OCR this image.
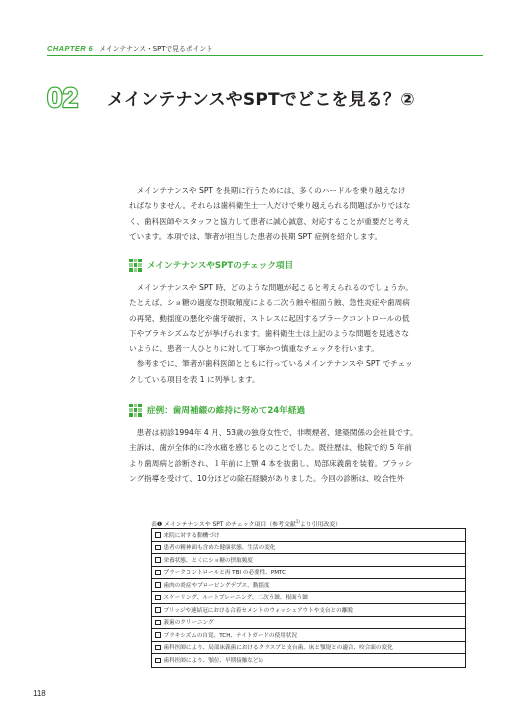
CHAPTER 6 メインテナンス・SPTで見るポイント
02 メインテナンスやSPTでどこを見る？②
メインテナンスや SPT を長期に行うためには、多くのハードルを乗り越えなけ
ればなりません。それらは歯科衛生士一人だけで乗り越えられる問題ばかりではな
く、歯科医師やスタッフと協力して患者に誠心誠意、対応することが重要だと考え
ています。本項では、筆者が担当した患者の長期 SPT 症例を紹介します。
メインテナンスやSPTのチェック項目
メインテナンスや SPT 時、どのような問題が起こると考えられるのでしょうか。
たとえば、ショ糖の過度な摂取頻度による二次う蝕や根面う蝕、急性炎症や歯周病
の再発、動揺度の悪化や歯牙破折、ストレスに起因するプラークコントロールの低
下やブラキシズムなどが挙げられます。歯科衛生士は上記のような問題を見逃さな
いように、患者一人ひとりに対して丁寧かつ慎重なチェックを行います。
参考までに、筆者が歯科医師とともに行っているメインテナンスや SPT でチェッ
クしている項目を表 1 に列挙します。
症例：歯周補綴の維持に努めて24年経過
患者は初診1994年 4 月、53歳の独身女性で、非喫煙者、建築関係の会社員です。
主訴は、歯が全体的に冷水痛を感じるとのことでした。既往歴は、他院で約 5 年前
より歯周病と診断され、１年前に上顎 4 本を抜歯し、局部床義歯を装着。ブラッシ
ング指導を受けて、10分ほどの除石経験がありました。今回の診断は、咬合性外
表❶ メインテナンスや SPT のチェック項目（参考文献$^{1)}$より引用改変）
来院に対する動機づけ
患者の精神面も含めた健康状態、生活の変化
栄養状態、とくにショ糖の摂取頻度
プラークコントロールと再 TBI の必要性、PMTC
歯肉の炎症やプロービングデプス、動揺度
スケーリング、ルートプレーニング、二次う蝕、根面う蝕
ブリッジや連結冠における合着セメントのウォッシュアウトや支台との離脱
義歯のクリーニング
ブラキシズムの自覚、TCH、ナイトガードの使用状況
歯科医師により、局部床義歯におけるクラスプと支台歯、床と顎堤との適合、咬合面の変化
歯科医師により、顎位、早期接触など 1)
118
